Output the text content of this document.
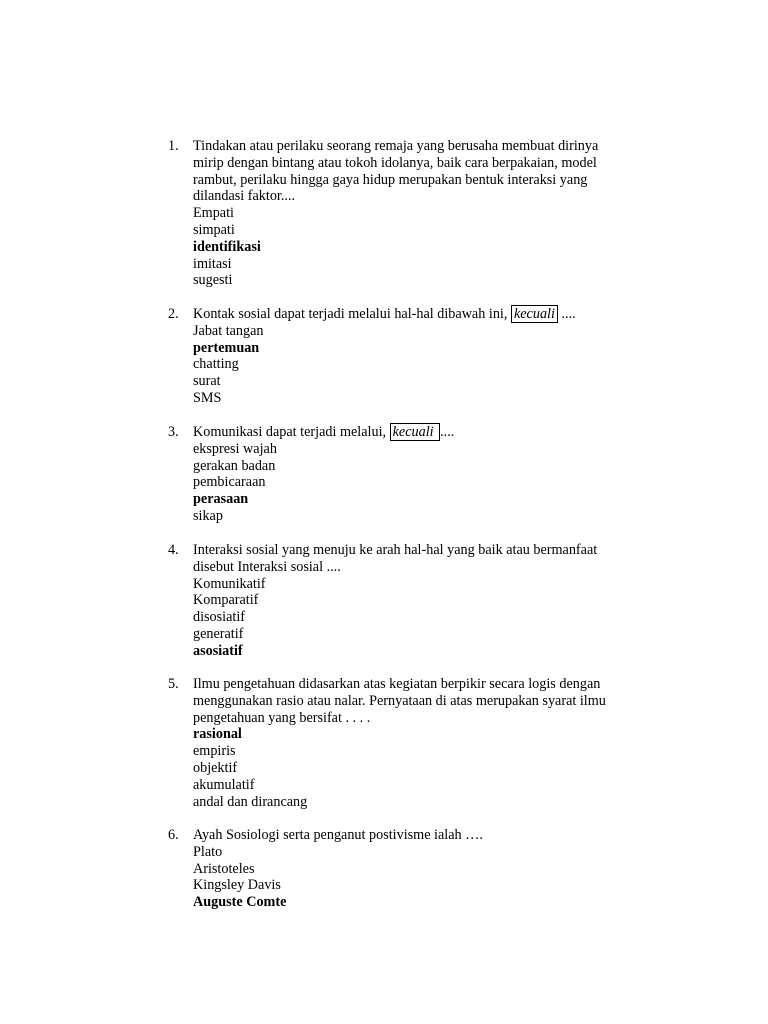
1.	Tindakan atau perilaku seorang remaja yang berusaha membuat dirinya
mirip dengan bintang atau tokoh idolanya, baik cara berpakaian, model
rambut, perilaku hingga gaya hidup merupakan bentuk interaksi yang
dilandasi faktor....
Empati
simpati
identifikasi
imitasi
sugesti
2.	Kontak sosial dapat terjadi melalui hal-hal dibawah ini, kecuali ....
Jabat tangan
pertemuan
chatting
surat
SMS
3.	Komunikasi dapat terjadi melalui, kecuali ....
ekspresi wajah
gerakan badan
pembicaraan
perasaan
sikap
4.	Interaksi sosial yang menuju ke arah hal-hal yang baik atau bermanfaat
disebut Interaksi sosial ....
Komunikatif
Komparatif
disosiatif
generatif
asosiatif
5.	Ilmu pengetahuan didasarkan atas kegiatan berpikir secara logis dengan
menggunakan rasio atau nalar. Pernyataan di atas merupakan syarat ilmu
pengetahuan yang bersifat . . . .
rasional
empiris
objektif
akumulatif
andal dan dirancang
6.	Ayah Sosiologi serta penganut postivisme ialah ….
Plato
Aristoteles
Kingsley Davis
Auguste Comte
